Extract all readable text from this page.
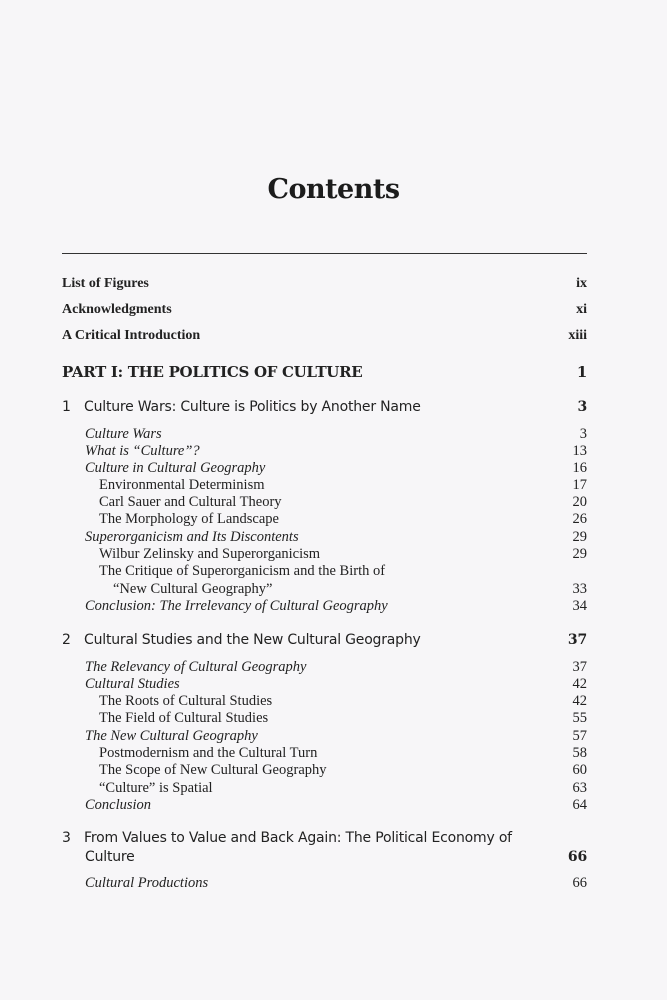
Contents
List of Figures	ix
Acknowledgments	xi
A Critical Introduction	xiii
PART I: THE POLITICS OF CULTURE	1
1 Culture Wars: Culture is Politics by Another Name	3
Culture Wars	3
What is “Culture”?	13
Culture in Cultural Geography	16
Environmental Determinism	17
Carl Sauer and Cultural Theory	20
The Morphology of Landscape	26
Superorganicism and Its Discontents	29
Wilbur Zelinsky and Superorganicism	29
The Critique of Superorganicism and the Birth of
“New Cultural Geography”	33
Conclusion: The Irrelevancy of Cultural Geography	34
2 Cultural Studies and the New Cultural Geography	37
The Relevancy of Cultural Geography	37
Cultural Studies	42
The Roots of Cultural Studies	42
The Field of Cultural Studies	55
The New Cultural Geography	57
Postmodernism and the Cultural Turn	58
The Scope of New Cultural Geography	60
“Culture” is Spatial	63
Conclusion	64
3 From Values to Value and Back Again: The Political Economy of
Culture	66
Cultural Productions	66
